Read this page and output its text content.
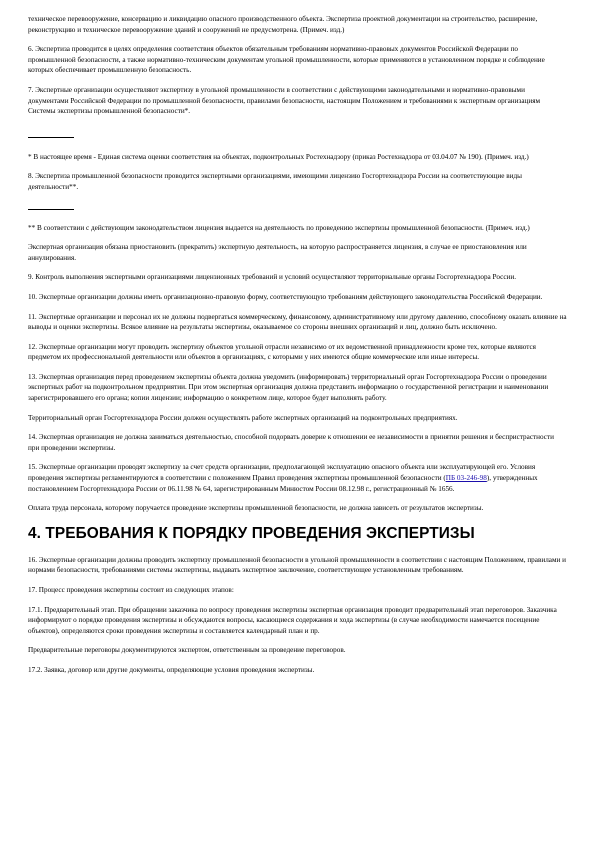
техническое перевооружение, консервацию и ликвидацию опасного производственного объекта. Экспертиза проектной документации на строительство, расширение, реконструкцию и техническое перевооружение зданий и сооружений не предусмотрена. (Примеч. изд.)

6. Экспертиза проводится в целях определения соответствия объектов обязательным требованиям нормативно-правовых документов Российской Федерации по промышленной безопасности, а также нормативно-техническим документам угольной промышленности, которые применяются в установленном порядке и соблюдение которых обеспечивает промышленную безопасность.

7. Экспертные организации осуществляют экспертизу в угольной промышленности в соответствии с действующими законодательными и нормативно-правовыми документами Российской Федерации по промышленной безопасности, правилами безопасности, настоящим Положением и требованиями к экспертным организациям Системы экспертизы промышленной безопасности*.

* В настоящее время - Единая система оценки соответствия на объектах, подконтрольных Ростехнадзору (приказ Ростехнадзора от 03.04.07 № 190). (Примеч. изд.)

8. Экспертиза промышленной безопасности проводится экспертными организациями, имеющими лицензию Госгортехнадзора России на соответствующие виды деятельности**.

** В соответствии с действующим законодательством лицензия выдается на деятельность по проведению экспертизы промышленной безопасности. (Примеч. изд.)

Экспертная организация обязана приостановить (прекратить) экспертную деятельность, на которую распространяется лицензия, в случае ее приостановления или аннулирования.

9. Контроль выполнения экспертными организациями лицензионных требований и условий осуществляют территориальные органы Госгортехнадзора России.

10. Экспертные организации должны иметь организационно-правовую форму, соответствующую требованиям действующего законодательства Российской Федерации.

11. Экспертные организации и персонал их не должны подвергаться коммерческому, финансовому, административному или другому давлению, способному оказать влияние на выводы и оценки экспертизы. Всякое влияние на результаты экспертизы, оказываемое со стороны внешних организаций и лиц, должно быть исключено.

12. Экспертные организации могут проводить экспертизу объектов угольной отрасли независимо от их ведомственной принадлежности кроме тех, которые являются предметом их профессиональной деятельности или объектов в организациях, с которыми у них имеются общие коммерческие или иные интересы.

13. Экспертная организация перед проведением экспертизы объекта должна уведомить (информировать) территориальный орган Госгортехнадзора России о проведении экспертных работ на подконтрольном предприятии. При этом экспертная организация должна представить информацию о государственной регистрации и наименовании зарегистрировавшего его органа; копии лицензии; информацию о конкретном лице, которое будет выполнять работу.

Территориальный орган Госгортехнадзора России должен осуществлять работе экспертных организаций на подконтрольных предприятиях.

14. Экспертная организация не должна заниматься деятельностью, способной подорвать доверие к отношении ее независимости в принятии решения и беспристрастности при проведении экспертизы.

15. Экспертные организации проводят экспертизу за счет средств организации, предполагающей эксплуатацию опасного объекта или эксплуатирующей его. Условия проведения экспертизы регламентируются в соответствии с положением Правил проведения экспертизы промышленной безопасности (ПБ 03-246-98), утвержденных постановлением Госгортехнадзора России от 06.11.98 № 64, зарегистрированным Минюстом России 08.12.98 г., регистрационный № 1656.

Оплата труда персонала, которому поручается проведение экспертизы промышленной безопасности, не должна зависеть от результатов экспертизы.

4. ТРЕБОВАНИЯ К ПОРЯДКУ ПРОВЕДЕНИЯ ЭКСПЕРТИЗЫ

16. Экспертные организации должны проводить экспертизу промышленной безопасности в угольной промышленности в соответствии с настоящим Положением, правилами и нормами безопасности, требованиями системы экспертизы, выдавать экспертное заключение, соответствующее установленным требованиям.

17. Процесс проведения экспертизы состоит из следующих этапов:

17.1. Предварительный этап. При обращении заказчика по вопросу проведения экспертизы экспертная организация проводит предварительный этап переговоров. Заказчика информируют о порядке проведения экспертизы и обсуждаются вопросы, касающиеся содержания и хода экспертизы (в случае необходимости намечается посещение объектов), определяются сроки проведения экспертизы и составляется календарный план и пр.

Предварительные переговоры документируются экспертом, ответственным за проведение переговоров.

17.2. Заявка, договор или другие документы, определяющие условия проведения экспертизы.
